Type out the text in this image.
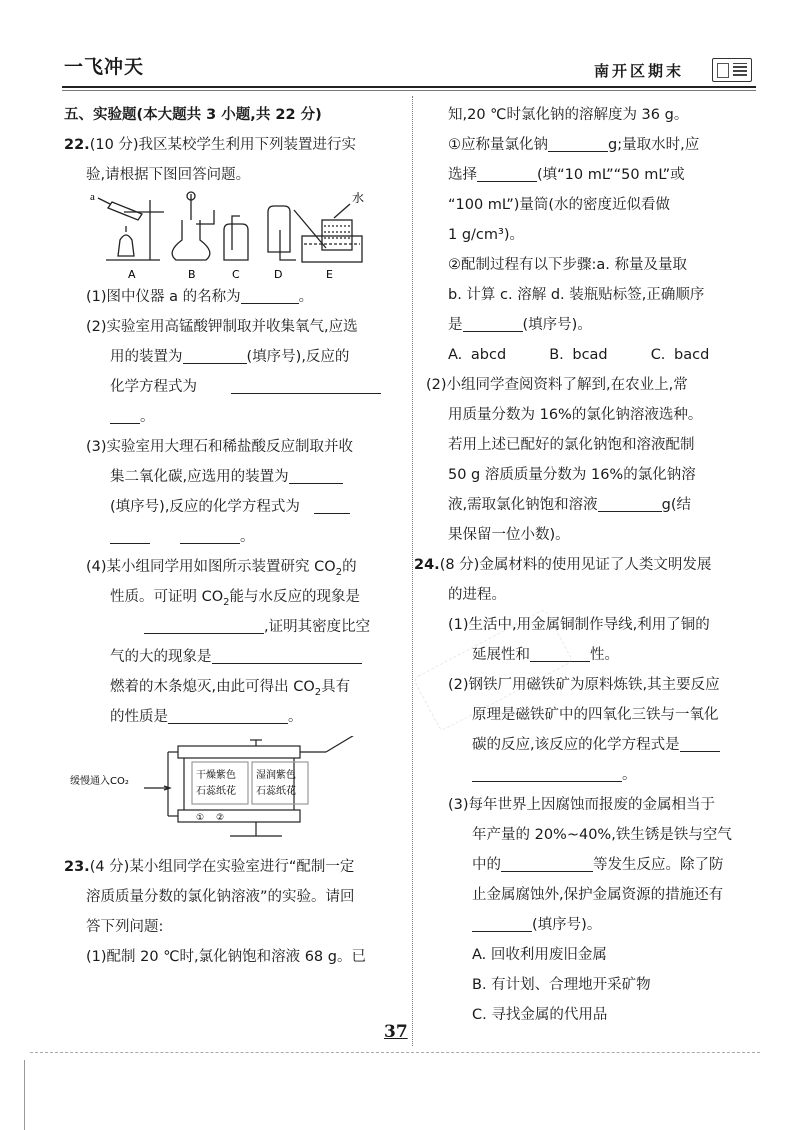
一飞冲天	南开区期末
五、实验题(本大题共 3 小题,共 22 分)
22.(10 分)我区某校学生利用下列装置进行实
验,请根据下图回答问题。
a	水
A	B	C	D	E
(1)图中仪器 a 的名称为	。
(2)实验室用高锰酸钾制取并收集氧气,应选
用的装置为	(填序号),反应的
化学方程式为
。
(3)实验室用大理石和稀盐酸反应制取并收
集二氧化碳,应选用的装置为
(填序号),反应的化学方程式为
。
(4)某小组同学用如图所示装置研究 $CO_2$的
性质。可证明 $CO_2$能与水反应的现象是
,证明其密度比空
气的大的现象是
燃着的木条熄灭,由此可得出 $CO_2$具有
的性质是	。
缓慢通入CO₂
干燥紫色
石蕊纸花
湿润紫色
石蕊纸花
① ②
23.(4 分)某小组同学在实验室进行“配制一定
溶质质量分数的氯化钠溶液”的实验。请回
答下列问题:
(1)配制 20 ℃时,氯化钠饱和溶液 68 g。已
知,20 ℃时氯化钠的溶解度为 36 g。
①应称量氯化钠	g;量取水时,应
选择	(填“10 mL”“50 mL”或
“100 mL”)量筒(水的密度近似看做
1 g/cm³)。
②配制过程有以下步骤:a. 称量及量取
b. 计算 c. 溶解 d. 装瓶贴标签,正确顺序
是	(填序号)。
A. abcd	B. bcad	C. bacd
(2)小组同学查阅资料了解到,在农业上,常
用质量分数为 16%的氯化钠溶液选种。
若用上述已配好的氯化钠饱和溶液配制
50 g 溶质质量分数为 16%的氯化钠溶
液,需取氯化钠饱和溶液	g(结
果保留一位小数)。
24.(8 分)金属材料的使用见证了人类文明发展
的进程。
(1)生活中,用金属铜制作导线,利用了铜的
延展性和	性。
(2)钢铁厂用磁铁矿为原料炼铁,其主要反应
原理是磁铁矿中的四氧化三铁与一氧化
碳的反应,该反应的化学方程式是
。
(3)每年世界上因腐蚀而报废的金属相当于
年产量的 20%~40%,铁生锈是铁与空气
中的	等发生反应。除了防
止金属腐蚀外,保护金属资源的措施还有
(填序号)。
A. 回收利用废旧金属
B. 有计划、合理地开采矿物
C. 寻找金属的代用品
37
